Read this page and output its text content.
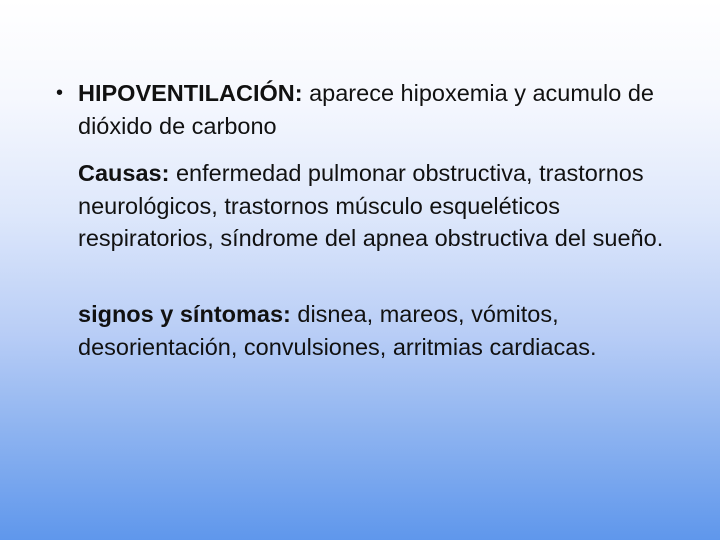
• HIPOVENTILACIÓN: aparece hipoxemia y acumulo de dióxido de carbono
Causas: enfermedad pulmonar obstructiva, trastornos neurológicos, trastornos músculo esqueléticos respiratorios, síndrome del apnea obstructiva del sueño.
signos y síntomas: disnea, mareos, vómitos, desorientación, convulsiones, arritmias cardiacas.
